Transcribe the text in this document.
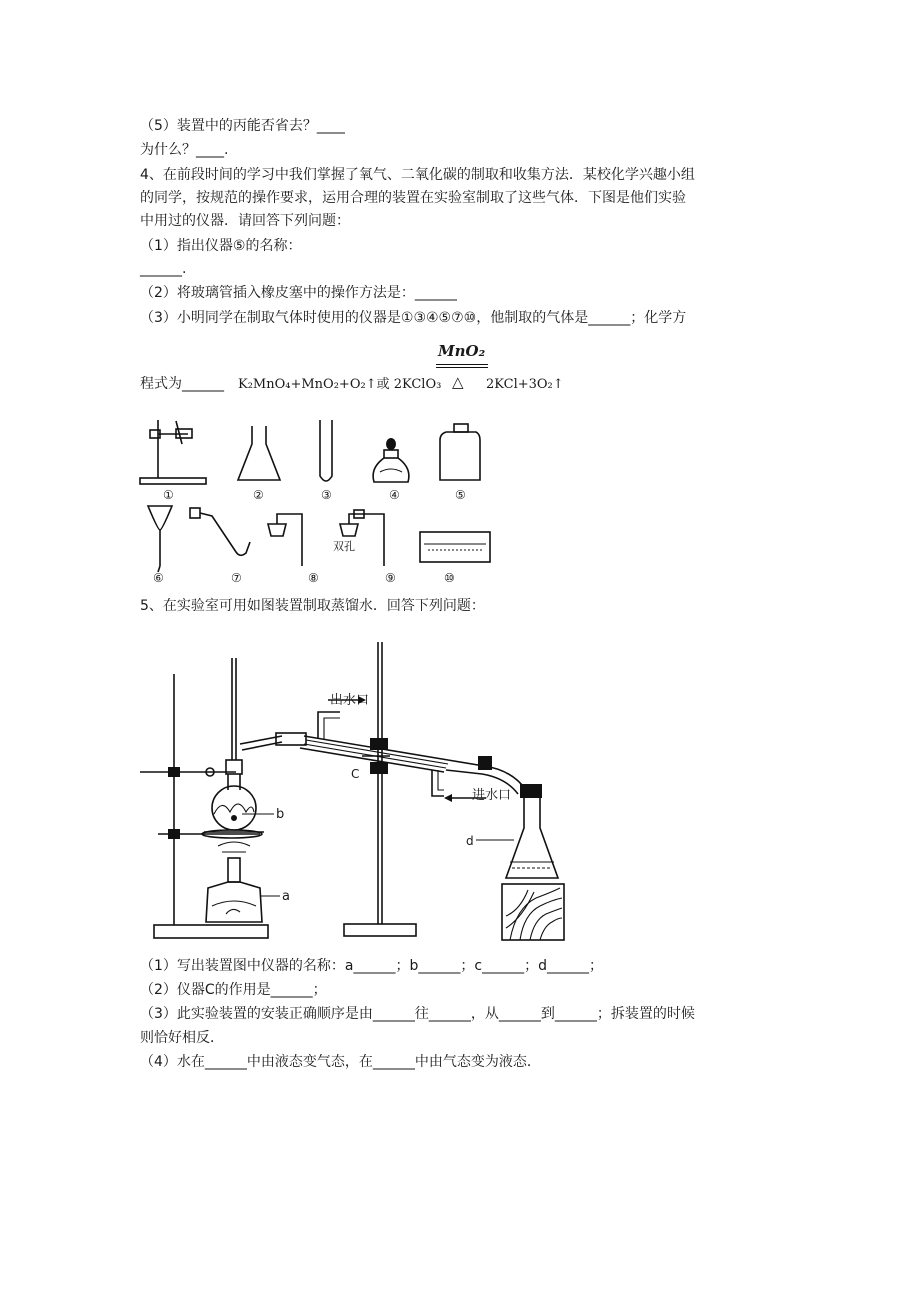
（5）装置中的丙能否省去？____
为什么？____.
4、在前段时间的学习中我们掌握了氧气、二氧化碳的制取和收集方法．某校化学兴趣小组
的同学，按规范的操作要求，运用合理的装置在实验室制取了这些气体．下图是他们实验
中用过的仪器．请回答下列问题：
（1）指出仪器⑤的名称：
______.
（2）将玻璃管插入橡皮塞中的操作方法是：______
（3）小明同学在制取气体时使用的仪器是①③④⑤⑦⑩，他制取的气体是______；化学方
MnO₂
程式为______ K₂MnO₄+MnO₂+O₂↑或 2KClO₃ △ 2KCl+3O₂↑
①	②	③	④	⑤
⑥	⑦	⑧	⑨	⑩
双孔
5、在实验室可用如图装置制取蒸馏水．回答下列问题：
出水口
进水口
a
b
C
d
（1）写出装置图中仪器的名称：a______；b______；c______；d______；
（2）仪器C的作用是______；
（3）此实验装置的安装正确顺序是由______往______，从______到______；拆装置的时候
则恰好相反．
（4）水在______中由液态变气态，在______中由气态变为液态．
